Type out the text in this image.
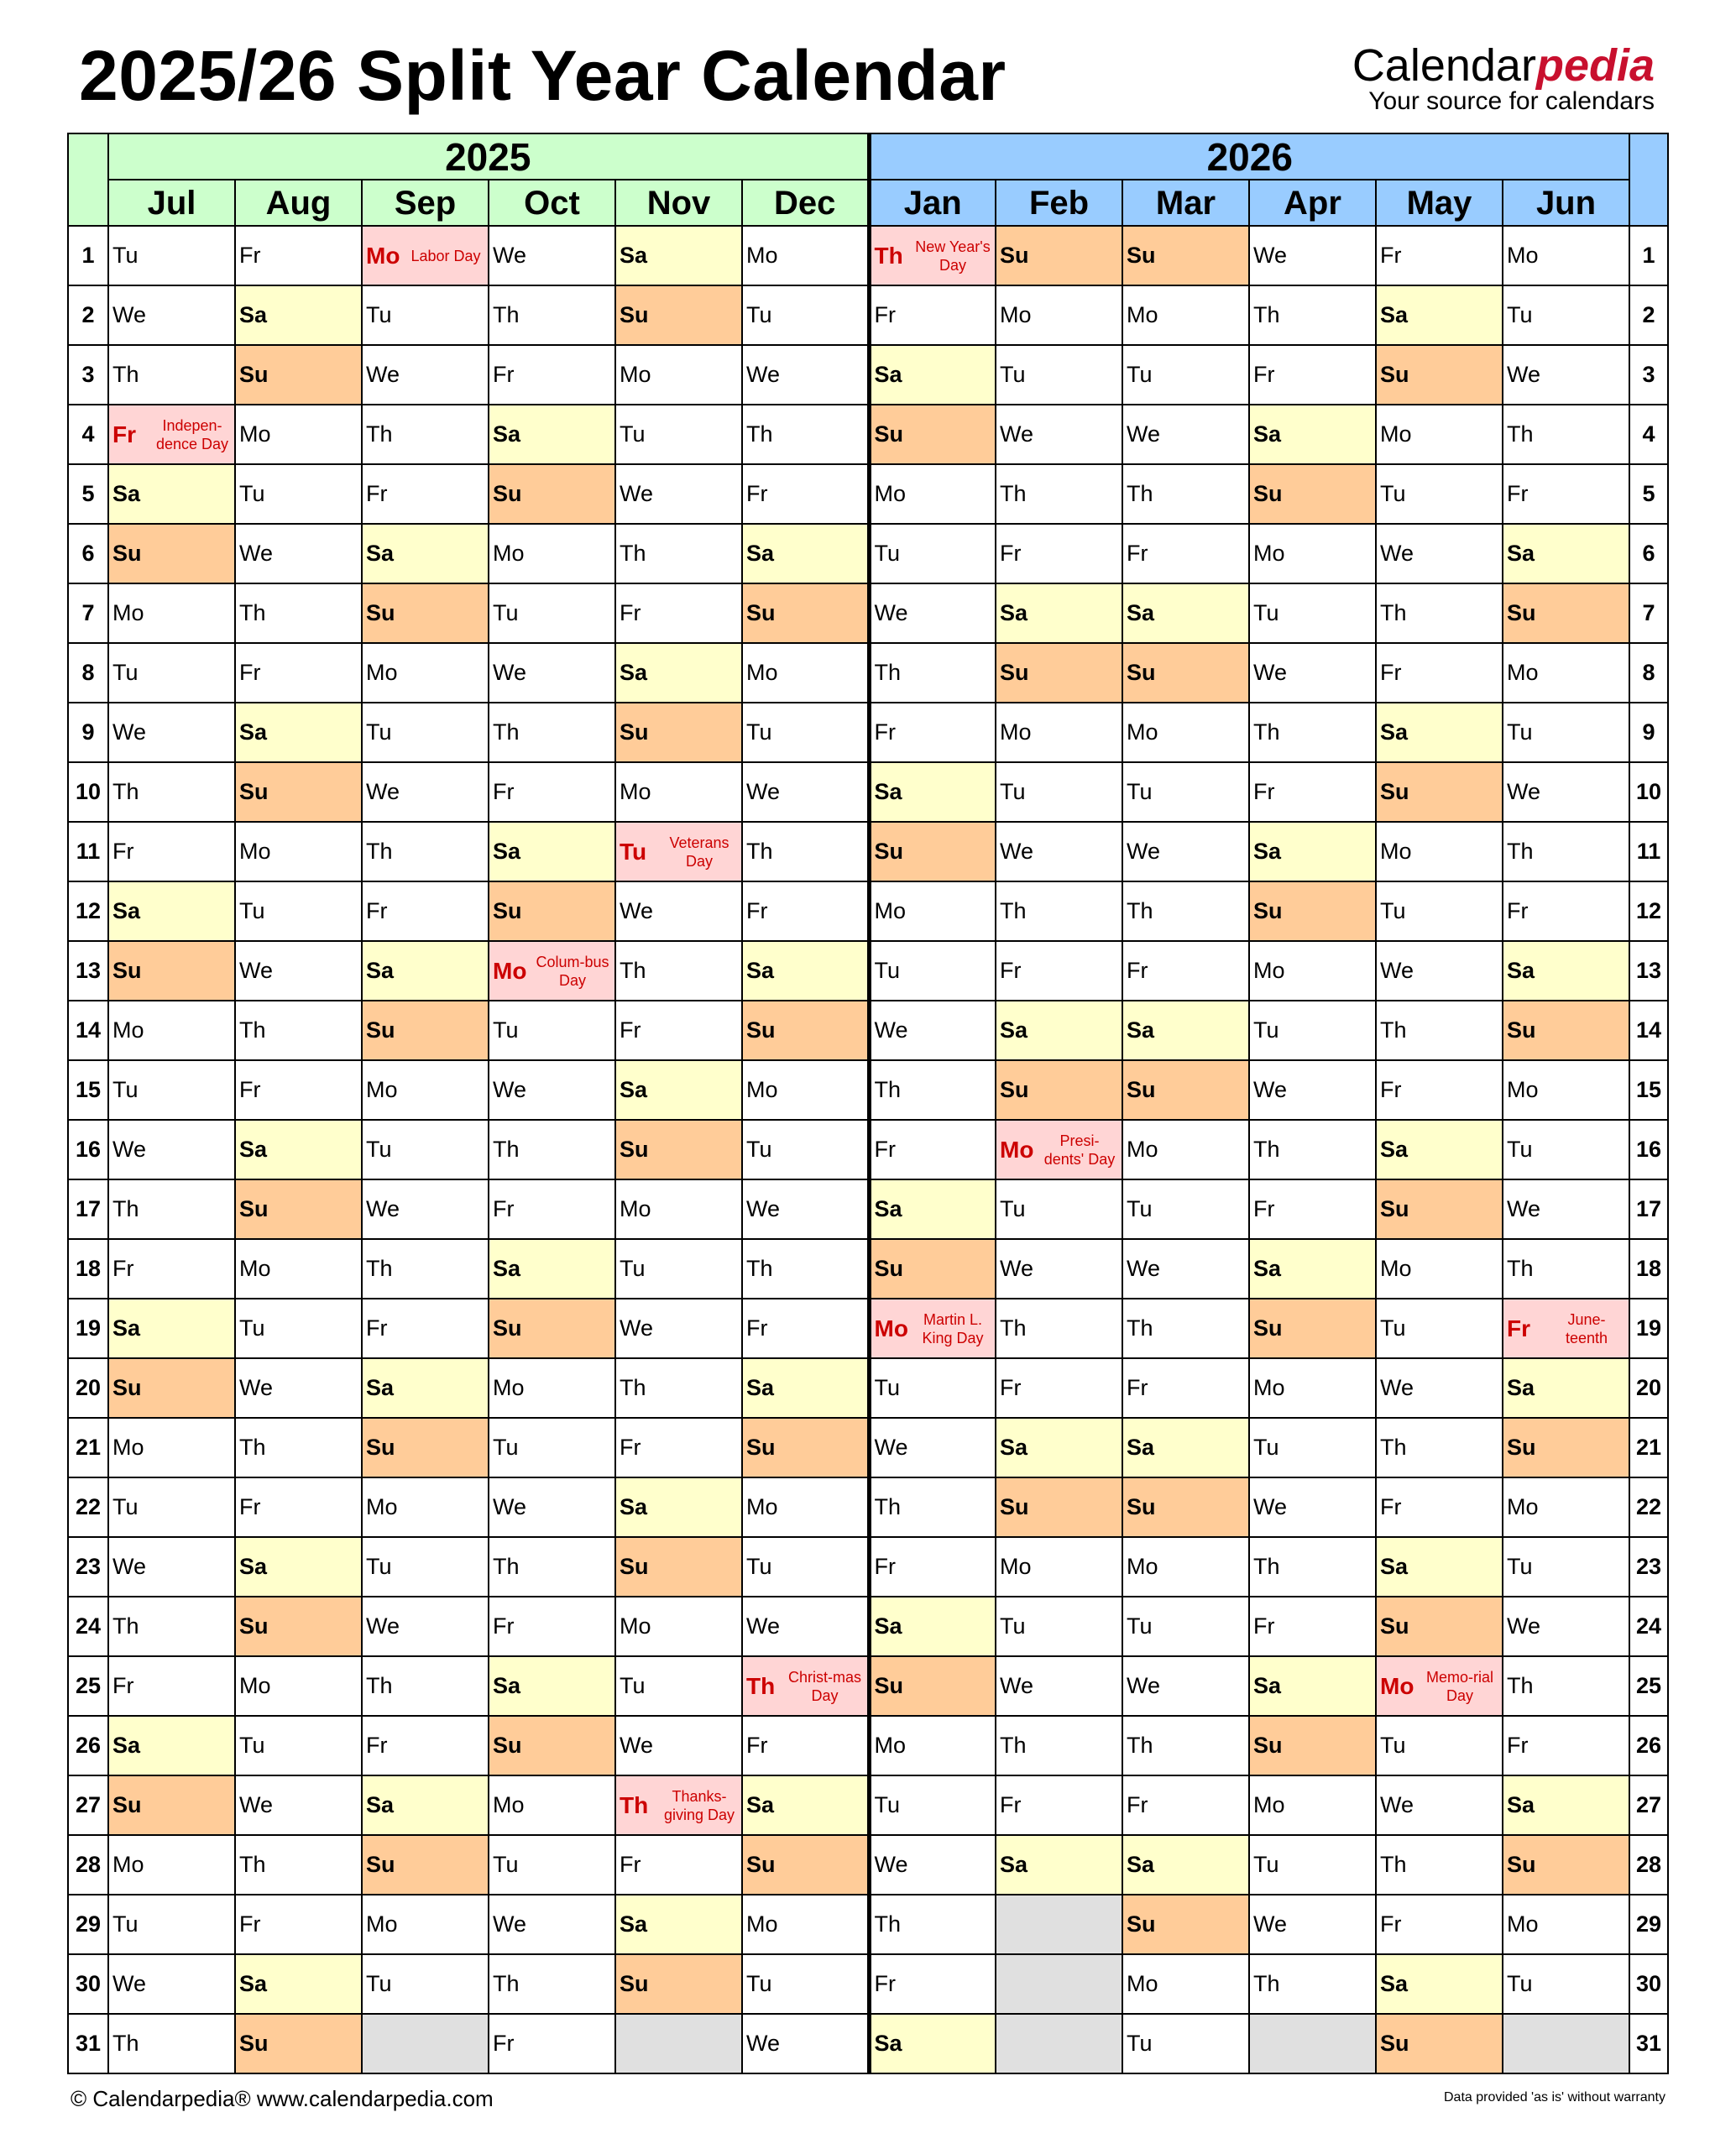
2025/26 Split Year Calendar	Calendarpedia
Your source for calendars
	2025						2026						
	Jul	Aug	Sep	Oct	Nov	Dec	Jan	Feb	Mar	Apr	May	Jun	
1	Tu	Fr	Mo Labor Day	We	Sa	Mo	Th New Year's Day	Su	Su	We	Fr	Mo	1
2	We	Sa	Tu	Th	Su	Tu	Fr	Mo	Mo	Th	Sa	Tu	2
3	Th	Su	We	Fr	Mo	We	Sa	Tu	Tu	Fr	Su	We	3
4	Fr Indepen-dence Day	Mo	Th	Sa	Tu	Th	Su	We	We	Sa	Mo	Th	4
5	Sa	Tu	Fr	Su	We	Fr	Mo	Th	Th	Su	Tu	Fr	5
6	Su	We	Sa	Mo	Th	Sa	Tu	Fr	Fr	Mo	We	Sa	6
7	Mo	Th	Su	Tu	Fr	Su	We	Sa	Sa	Tu	Th	Su	7
8	Tu	Fr	Mo	We	Sa	Mo	Th	Su	Su	We	Fr	Mo	8
9	We	Sa	Tu	Th	Su	Tu	Fr	Mo	Mo	Th	Sa	Tu	9
10	Th	Su	We	Fr	Mo	We	Sa	Tu	Tu	Fr	Su	We	10
11	Fr	Mo	Th	Sa	Tu Veterans Day	Th	Su	We	We	Sa	Mo	Th	11
12	Sa	Tu	Fr	Su	We	Fr	Mo	Th	Th	Su	Tu	Fr	12
13	Su	We	Sa	Mo Colum-bus Day	Th	Sa	Tu	Fr	Fr	Mo	We	Sa	13
14	Mo	Th	Su	Tu	Fr	Su	We	Sa	Sa	Tu	Th	Su	14
15	Tu	Fr	Mo	We	Sa	Mo	Th	Su	Su	We	Fr	Mo	15
16	We	Sa	Tu	Th	Su	Tu	Fr	Mo Presi-dents' Day	Mo	Th	Sa	Tu	16
17	Th	Su	We	Fr	Mo	We	Sa	Tu	Tu	Fr	Su	We	17
18	Fr	Mo	Th	Sa	Tu	Th	Su	We	We	Sa	Mo	Th	18
19	Sa	Tu	Fr	Su	We	Fr	Mo Martin L. King Day	Th	Th	Su	Tu	Fr June-teenth	19
20	Su	We	Sa	Mo	Th	Sa	Tu	Fr	Fr	Mo	We	Sa	20
21	Mo	Th	Su	Tu	Fr	Su	We	Sa	Sa	Tu	Th	Su	21
22	Tu	Fr	Mo	We	Sa	Mo	Th	Su	Su	We	Fr	Mo	22
23	We	Sa	Tu	Th	Su	Tu	Fr	Mo	Mo	Th	Sa	Tu	23
24	Th	Su	We	Fr	Mo	We	Sa	Tu	Tu	Fr	Su	We	24
25	Fr	Mo	Th	Sa	Tu	Th Christ-mas Day	Su	We	We	Sa	Mo Memo-rial Day	Th	25
26	Sa	Tu	Fr	Su	We	Fr	Mo	Th	Th	Su	Tu	Fr	26
27	Su	We	Sa	Mo	Th Thanks-giving Day	Sa	Tu	Fr	Fr	Mo	We	Sa	27
28	Mo	Th	Su	Tu	Fr	Su	We	Sa	Sa	Tu	Th	Su	28
29	Tu	Fr	Mo	We	Sa	Mo	Th		Su	We	Fr	Mo	29
30	We	Sa	Tu	Th	Su	Tu	Fr		Mo	Th	Sa	Tu	30
31	Th	Su		Fr		We	Sa		Tu		Su		31
© Calendarpedia® www.calendarpedia.com	Data provided 'as is' without warranty
